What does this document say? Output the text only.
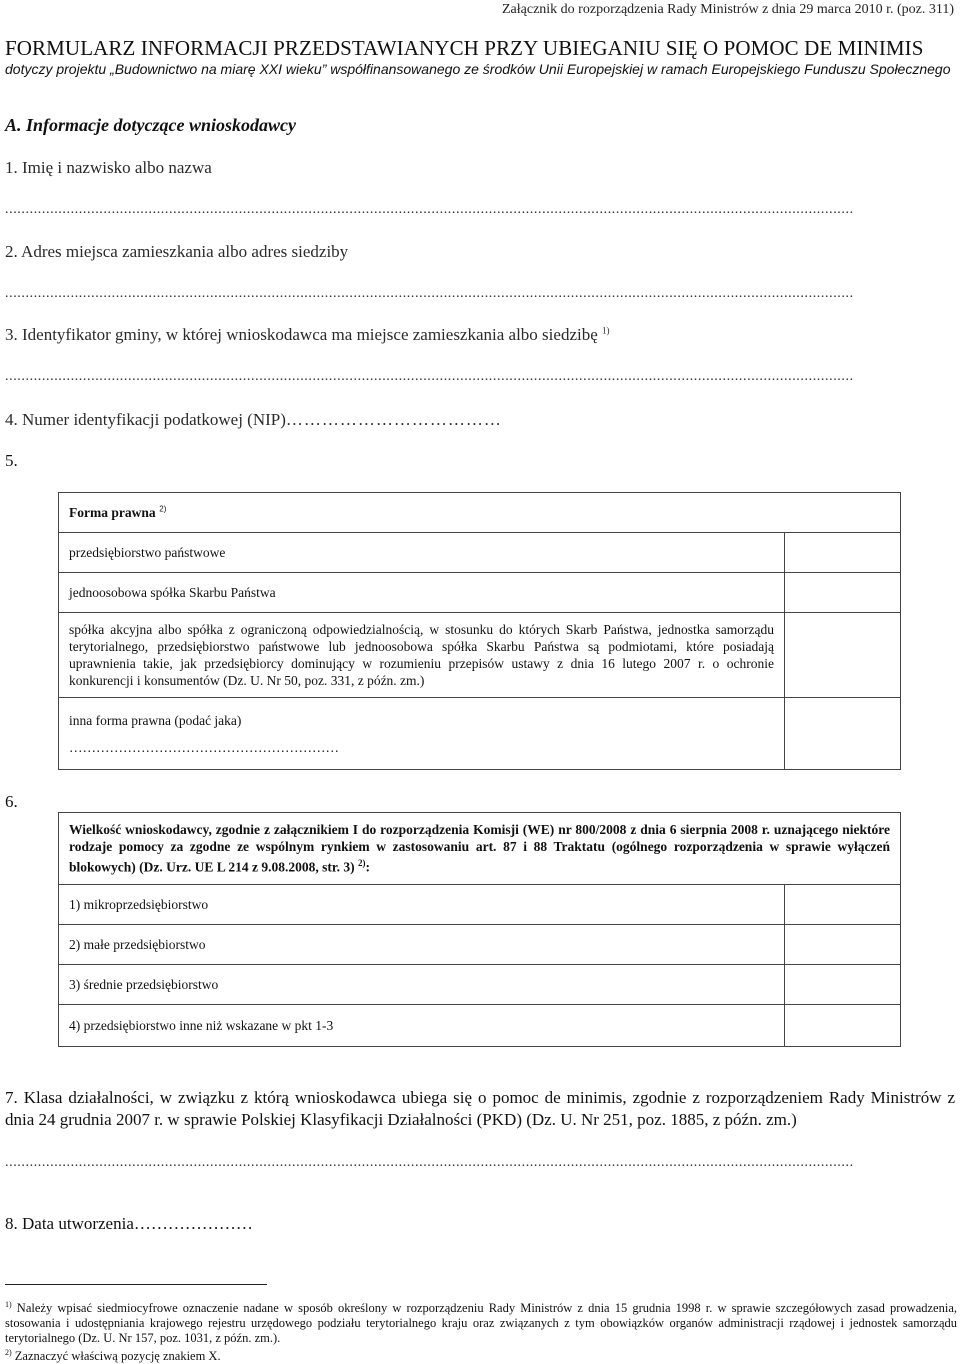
Załącznik do rozporządzenia Rady Ministrów z dnia 29 marca 2010 r. (poz. 311)
FORMULARZ INFORMACJI PRZEDSTAWIANYCH PRZY UBIEGANIU SIĘ O POMOC DE MINIMIS
dotyczy projektu „Budownictwo na miarę XXI wieku” współfinansowanego ze środków Unii Europejskiej w ramach Europejskiego Funduszu Społecznego
A. Informacje dotyczące wnioskodawcy
1. Imię i nazwisko albo nazwa
...............................................................................................................................................................................................................
2. Adres miejsca zamieszkania albo adres siedziby
...............................................................................................................................................................................................................
3. Identyfikator gminy, w której wnioskodawca ma miejsce zamieszkania albo siedzibę $^{1)}$
...............................................................................................................................................................................................................
4. Numer identyfikacji podatkowej (NIP)………………………………
5.
Forma prawna $^{2)}$
przedsiębiorstwo państwowe	
jednoosobowa spółka Skarbu Państwa	

spółka akcyjna albo spółka z ograniczoną odpowiedzialnością, w stosunku do których Skarb Państwa, jednostka samorządu terytorialnego, przedsiębiorstwo państwowe lub jednoosobowa spółka Skarbu Państwa są podmiotami, które posiadają uprawnienia takie, jak przedsiębiorcy dominujący w rozumieniu przepisów ustawy z dnia 16 lutego 2007 r. o ochronie konkurencji i konsumentów (Dz. U. Nr 50, poz. 331, z późn. zm.)	

inna forma prawna (podać jaka)
……………………………………………………	

6.
Wielkość wnioskodawcy, zgodnie z załącznikiem I do rozporządzenia Komisji (WE) nr 800/2008 z dnia 6 sierpnia 2008 r. uznającego niektóre rodzaje pomocy za zgodne ze wspólnym rynkiem w zastosowaniu art. 87 i 88 Traktatu (ogólnego rozporządzenia w sprawie wyłączeń blokowych) (Dz. Urz. UE L 214 z 9.08.2008, str. 3) $^{2)}$:	

1) mikroprzedsiębiorstwo	
2) małe przedsiębiorstwo	
3) średnie przedsiębiorstwo	
4) przedsiębiorstwo inne niż wskazane w pkt 1-3	
7. Klasa działalności, w związku z którą wnioskodawca ubiega się o pomoc de minimis, zgodnie z rozporządzeniem Rady Ministrów z dnia 24 grudnia 2007 r. w sprawie Polskiej Klasyfikacji Działalności (PKD) (Dz. U. Nr 251, poz. 1885, z późn. zm.)
...............................................................................................................................................................................................................
8. Data utworzenia…………………
$^{1)}$ Należy wpisać siedmiocyfrowe oznaczenie nadane w sposób określony w rozporządzeniu Rady Ministrów z dnia 15 grudnia 1998 r. w sprawie szczegółowych zasad prowadzenia, stosowania i udostępniania krajowego rejestru urzędowego podziału terytorialnego kraju oraz związanych z tym obowiązków organów administracji rządowej i jednostek samorządu terytorialnego (Dz. U. Nr 157, poz. 1031, z późn. zm.).
$^{2)}$ Zaznaczyć właściwą pozycję znakiem X.
